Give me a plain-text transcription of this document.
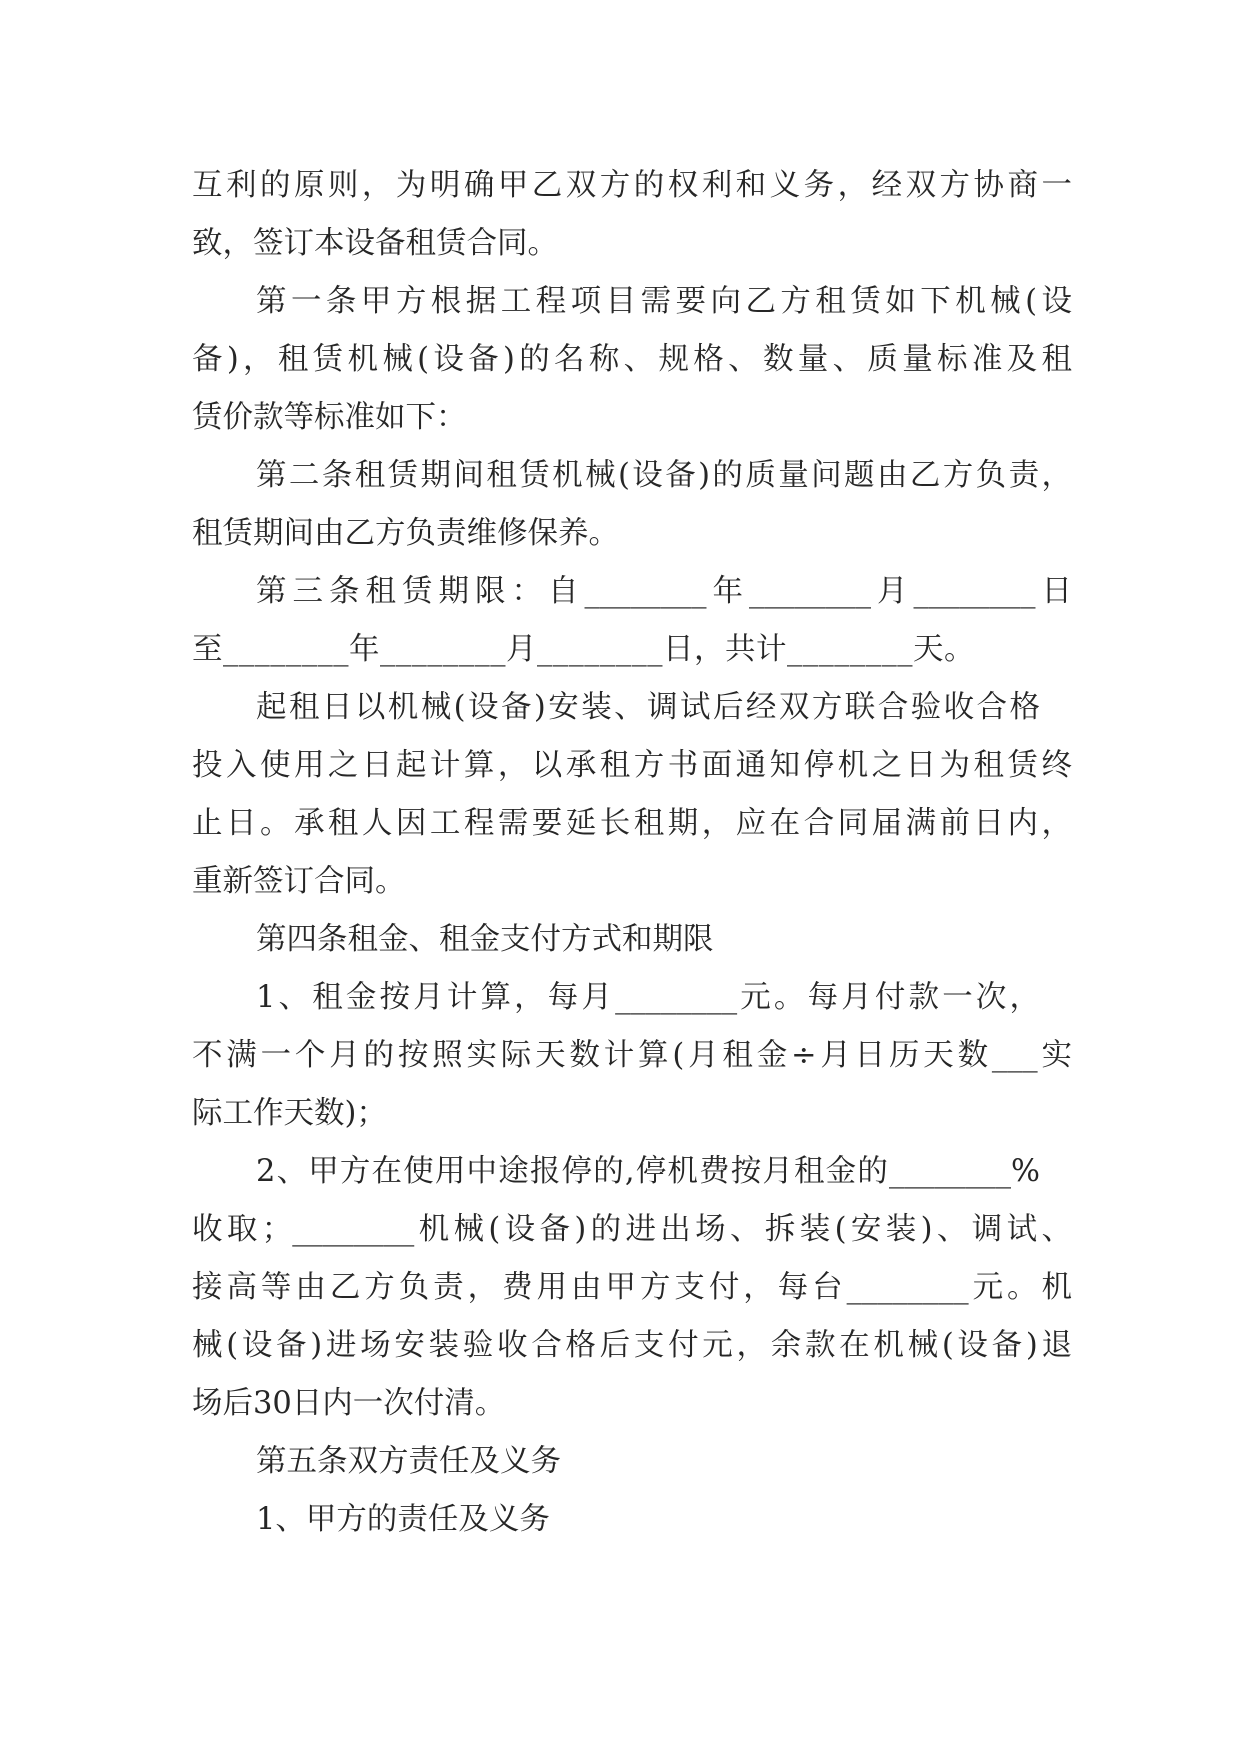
互利的原则，为明确甲乙双方的权利和义务，经双方协商一
致，签订本设备租赁合同。
第一条甲方根据工程项目需要向乙方租赁如下机械(设
备)，租赁机械(设备)的名称、规格、数量、质量标准及租
赁价款等标准如下：
第二条租赁期间租赁机械(设备)的质量问题由乙方负责，
租赁期间由乙方负责维修保养。
第三条租赁期限：自________年________月________日
至________年________月________日，共计________天。
起租日以机械(设备)安装、调试后经双方联合验收合格
投入使用之日起计算，以承租方书面通知停机之日为租赁终
止日。承租人因工程需要延长租期，应在合同届满前日内，
重新签订合同。
第四条租金、租金支付方式和期限
1、租金按月计算，每月________元。每月付款一次，
不满一个月的按照实际天数计算(月租金÷月日历天数___实
际工作天数)；
2、甲方在使用中途报停的,停机费按月租金的________%
收取；________机械(设备)的进出场、拆装(安装)、调试、
接高等由乙方负责，费用由甲方支付，每台________元。机
械(设备)进场安装验收合格后支付元，余款在机械(设备)退
场后30日内一次付清。
第五条双方责任及义务
1、甲方的责任及义务
